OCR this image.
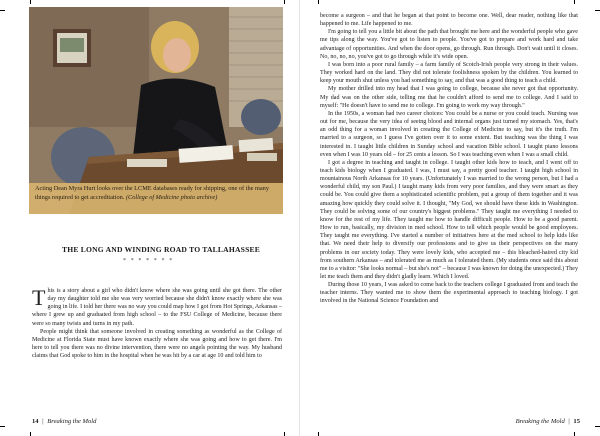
Acting Dean Myra Hurt looks over the LCME databases ready for shipping, one of the many things required to get accreditation. (College of Medicine photo archive)
THE LONG AND WINDING ROAD TO TALLAHASSEE
* * * * * * *

This is a story about a girl who didn't know where she was going until she got there. The other day my daughter told me she was very worried because she didn't know exactly where she was going in life. I told her there was no way you could map how I got from Hot Springs, Arkansas – where I grew up and graduated from high school – to the FSU College of Medicine, because there were so many twists and turns in my path.

People might think that someone involved in creating something as wonderful as the College of Medicine at Florida State must have known exactly where she was going and how to get there. I'm here to tell you there was no divine intervention, there were no angels pointing the way. My husband claims that God spoke to him in the hospital when he was hit by a car at age 10 and told him to

14 | Breaking the Mold

become a surgeon – and that he began at that point to become one. Well, dear reader, nothing like that happened to me. Life happened to me.

I'm going to tell you a little bit about the path that brought me here and the wonderful people who gave me tips along the way. You've got to listen to people. You've got to prepare and work hard and take advantage of opportunities. And when the door opens, go through. Run through. Don't wait until it closes. No, no, no, no, you've got to go through while it's wide open.

I was born into a poor rural family – a farm family of Scotch-Irish people very strong in their values. They worked hard on the land. They did not tolerate foolishness spoken by the children. You learned to keep your mouth shut unless you had something to say, and that was a good thing to teach a child.

My mother drilled into my head that I was going to college, because she never got that opportunity. My dad was on the other side, telling me that he couldn't afford to send me to college. And I said to myself: "He doesn't have to send me to college. I'm going to work my way through."

In the 1950s, a woman had two career choices: You could be a nurse or you could teach. Nursing was out for me, because the very idea of seeing blood and internal organs just turned my stomach. Yes, that's an odd thing for a woman involved in creating the College of Medicine to say, but it's the truth. I'm married to a surgeon, so I guess I've gotten over it to some extent. But teaching was the thing I was interested in. I taught little children in Sunday school and vacation Bible school. I taught piano lessons even when I was 10 years old – for 25 cents a lesson. So I was teaching even when I was a small child.

I got a degree in teaching and taught in college. I taught other kids how to teach, and I went off to teach kids biology when I graduated. I was, I must say, a pretty good teacher. I taught high school in mountainous North Arkansas for 10 years. (Unfortunately I was married to the wrong person, but I had a wonderful child, my son Paul.) I taught many kids from very poor families, and they were smart as they could be. You could give them a sophisticated scientific problem, put a group of them together and it was amazing how quickly they could solve it. I thought, "My God, we should have these kids in Washington. They could be solving some of our country's biggest problems." They taught me everything I needed to know for the rest of my life. They taught me how to handle difficult people. How to be a good parent. How to run, basically, my division in med school. How to tell which people would be good employees. They taught me everything. I've started a number of initiatives here at the med school to help kids like that. We need their help to diversify our professions and to give us their perspectives on the many problems in our society today. They were lovely kids, who accepted me – this bleached-haired city kid from southern Arkansas – and tolerated me as much as I tolerated them. (My students once said this about me to a visitor: "She looks normal – but she's not" – because I was known for doing the unexpected.) They let me teach them and they didn't gladly learn. Which I loved.

During those 10 years, I was asked to come back to the teachers college I graduated from and teach the teacher interns. They wanted me to show them the experimental approach to teaching biology. I got involved in the National Science Foundation and

Breaking the Mold | 15
